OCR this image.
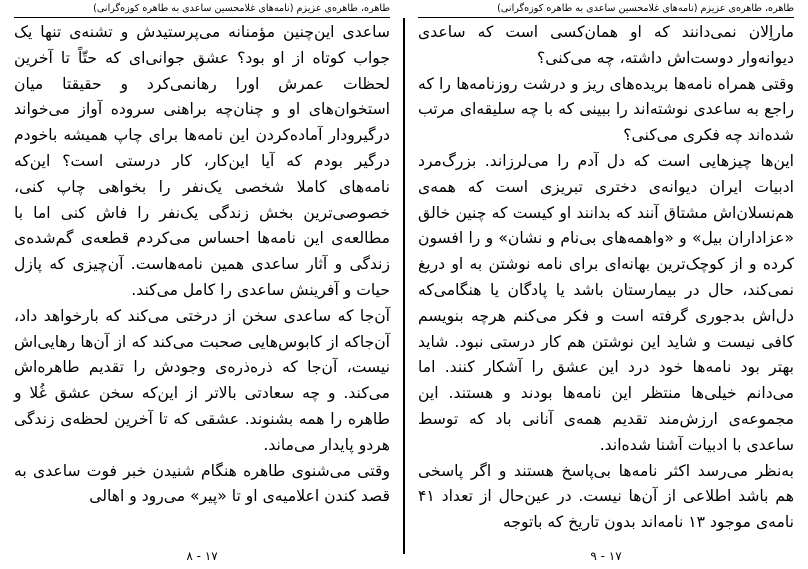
طاهره، طاهره‌ی عزیزم (نامه‌های غلامحسین ساعدی به طاهره کوزه‌گرانی)

ساعدی این‌چنین مؤمنانه می‌پرستیدش و تشنه‌ی تنها یک جواب کوتاه از او بود؟ عشق جوانی‌ای که حتّاً تا آخرین لحظات عمرش اورا رهانمی‌کرد و حقیقتا میان استخوان‌های او و چنان‌چه براهنی سروده آواز می‌خواند درگیرودار آماده‌کردن این نامه‌ها برای چاپ همیشه باخودم درگیر بودم که آیا این‌کار، کار درستی است؟ این‌که نامه‌های کاملا شخصی یک‌نفر را بخواهی چاپ کنی، خصوصی‌ترین بخش زندگی یک‌نفر را فاش کنی اما با مطالعه‌ی این نامه‌ها احساس می‌کردم قطعه‌ی گم‌شده‌ی زندگی و آثار ساعدی همین نامه‌هاست. آن‌چیزی که پازل حیات و آفرینش ساعدی را کامل می‌کند.

آن‌جا که ساعدی سخن از درختی می‌کند که بارخواهد داد، آن‌جاکه از کابوس‌هایی صحبت می‌کند که از آن‌ها رهایی‌اش نیست، آن‌جا که ذره‌ذره‌ی وجودش را تقدیم طاهره‌اش می‌کند. و چه سعادتی بالاتر از این‌که سخن عشق غُلا و طاهره را همه بشنوند. عشقی که تا آخرین لحظه‌ی زندگی هردو پایدار می‌ماند.

وقتی می‌شنوی طاهره هنگام شنیدن خبر فوت ساعدی به قصد کندن اعلامیه‌ی او تا «پیر» می‌رود و اهالی

۱۷ - ۸
طاهره، طاهره‌ی عزیزم (نامه‌های غلامحسین ساعدی به طاهره کوزه‌گرانی)

ماراِلان نمی‌دانند که او همان‌کسی است که ساعدی دیوانه‌وار دوست‌اش داشته، چه می‌کنی؟

وقتی همراه نامه‌ها بریده‌های ریز و درشت روزنامه‌ها را که راجع به ساعدی نوشته‌اند را ببینی که با چه سلیقه‌ای مرتب شده‌اند چه فکری می‌کنی؟

این‌ها چیزهایی است که دل آدم را می‌لرزاند. بزرگ‌مرد ادبیات ایران دیوانه‌ی دختری تبریزی است که همه‌ی هم‌نسلان‌اش مشتاق آنند که بدانند او کیست که چنین خالق «عزاداران بیل» و «واهمه‌های بی‌نام و نشان» و را افسون کرده و از کوچک‌ترین بهانه‌ای برای نامه نوشتن به او دریغ نمی‌کند، حال در بیمارستان باشد یا پادگان یا هنگامی‌که دل‌اش بدجوری گرفته است و فکر می‌کنم هرچه بنویسم کافی نیست و شاید این نوشتن هم کار درستی نبود. شاید بهتر بود نامه‌ها خود درد این عشق را آشکار کنند. اما می‌دانم خیلی‌ها منتظر این نامه‌ها بودند و هستند. این مجموعه‌ی ارزش‌مند تقدیم همه‌ی آنانی باد که توسط ساعدی با ادبیات آشنا شده‌اند.

به‌نظر می‌رسد اکثر نامه‌ها بی‌پاسخ هستند و اگر پاسخی هم باشد اطلاعی از آن‌ها نیست. در عین‌حال از تعداد ۴۱ نامه‌ی موجود ۱۳ نامه‌اند بدون تاریخ که باتوجه

۱۷ - ۹
